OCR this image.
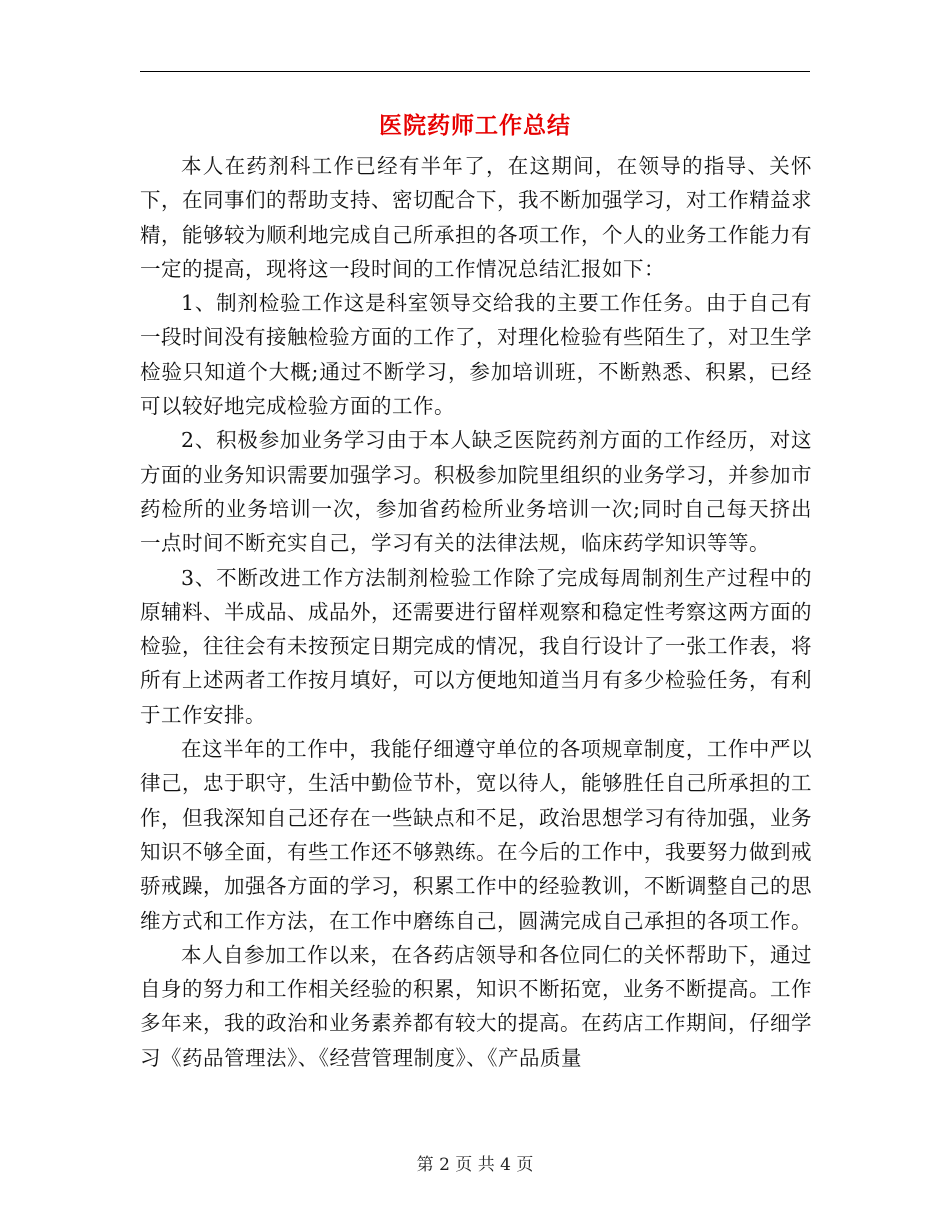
医院药师工作总结

本人在药剂科工作已经有半年了，在这期间，在领导的指导、关怀下，在同事们的帮助支持、密切配合下，我不断加强学习，对工作精益求精，能够较为顺利地完成自己所承担的各项工作，个人的业务工作能力有一定的提高，现将这一段时间的工作情况总结汇报如下：

1、制剂检验工作这是科室领导交给我的主要工作任务。由于自己有一段时间没有接触检验方面的工作了，对理化检验有些陌生了，对卫生学检验只知道个大概;通过不断学习，参加培训班，不断熟悉、积累，已经可以较好地完成检验方面的工作。

2、积极参加业务学习由于本人缺乏医院药剂方面的工作经历，对这方面的业务知识需要加强学习。积极参加院里组织的业务学习，并参加市药检所的业务培训一次，参加省药检所业务培训一次;同时自己每天挤出一点时间不断充实自己，学习有关的法律法规，临床药学知识等等。

3、不断改进工作方法制剂检验工作除了完成每周制剂生产过程中的原辅料、半成品、成品外，还需要进行留样观察和稳定性考察这两方面的检验，往往会有未按预定日期完成的情况，我自行设计了一张工作表，将所有上述两者工作按月填好，可以方便地知道当月有多少检验任务，有利于工作安排。

在这半年的工作中，我能仔细遵守单位的各项规章制度，工作中严以律己，忠于职守，生活中勤俭节朴，宽以待人，能够胜任自己所承担的工作，但我深知自己还存在一些缺点和不足，政治思想学习有待加强，业务知识不够全面，有些工作还不够熟练。在今后的工作中，我要努力做到戒骄戒躁，加强各方面的学习，积累工作中的经验教训，不断调整自己的思维方式和工作方法，在工作中磨练自己，圆满完成自己承担的各项工作。

本人自参加工作以来，在各药店领导和各位同仁的关怀帮助下，通过自身的努力和工作相关经验的积累，知识不断拓宽，业务不断提高。工作多年来，我的政治和业务素养都有较大的提高。在药店工作期间，仔细学习《药品管理法》、《经营管理制度》、《产品质量

第 2 页 共 4 页
